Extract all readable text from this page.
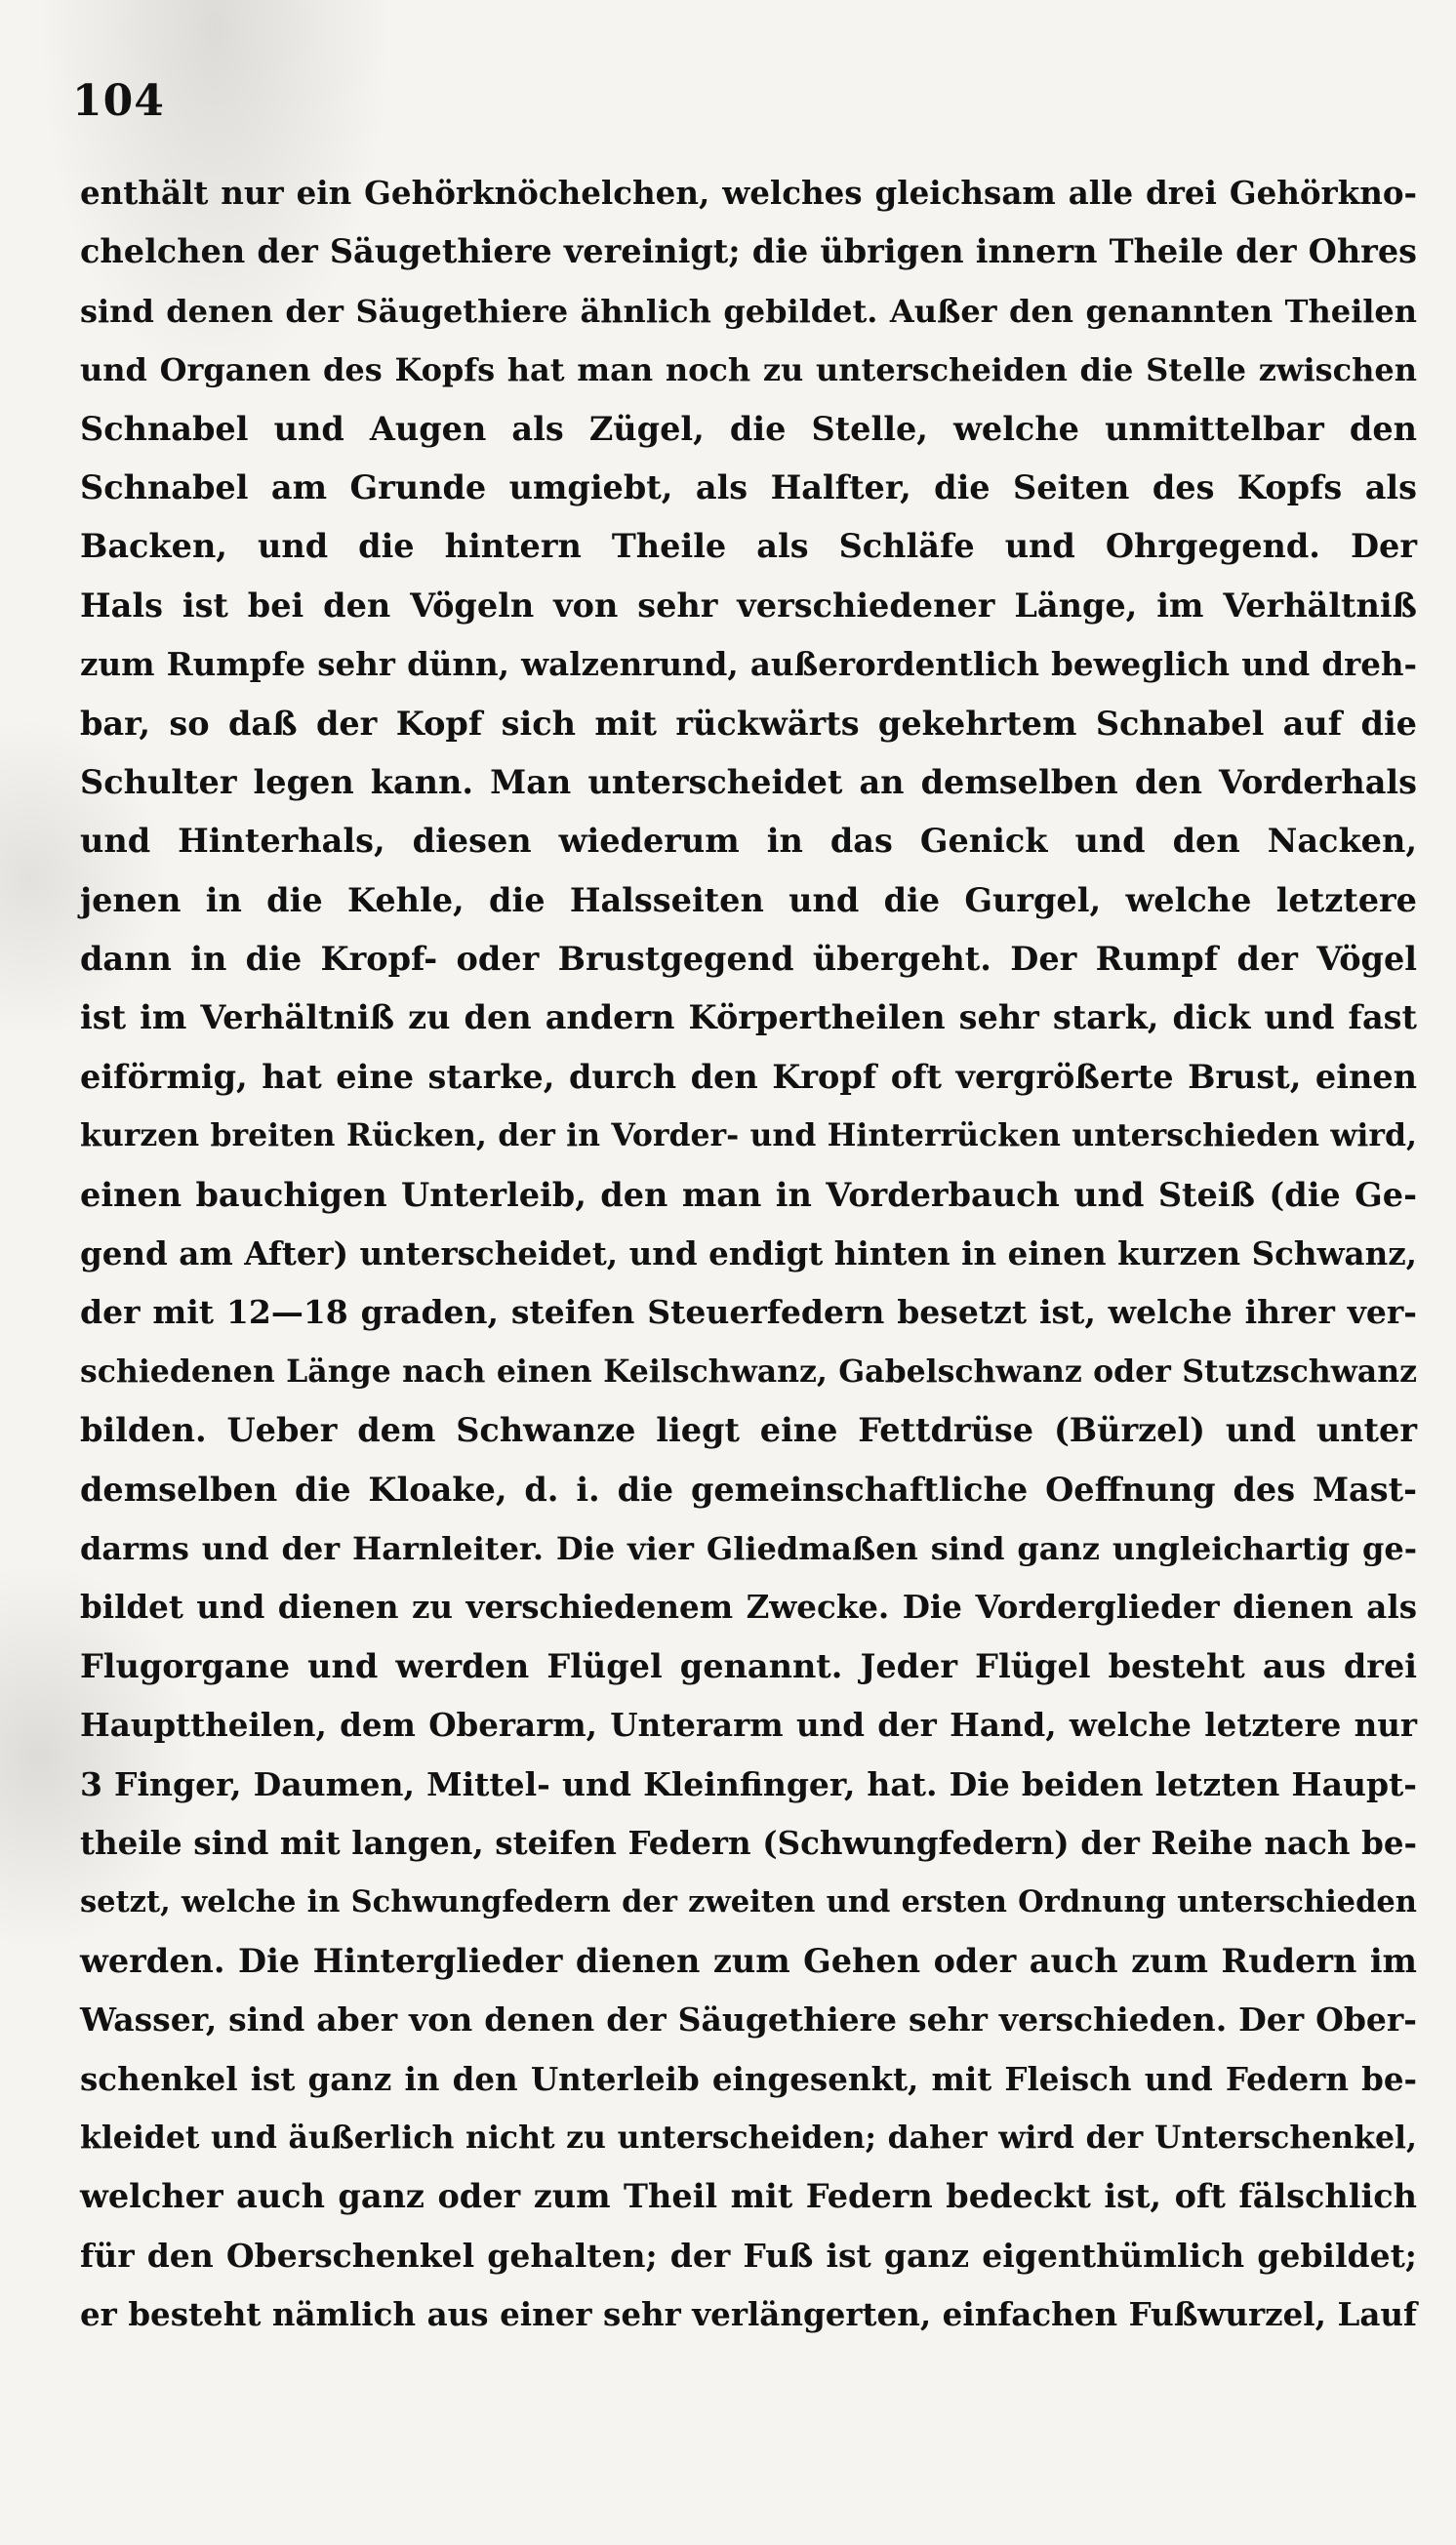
104
enthält nur ein Gehörknöchelchen, welches gleichsam alle drei Gehörkno-
chelchen der Säugethiere vereinigt; die übrigen innern Theile der Ohres
sind denen der Säugethiere ähnlich gebildet. Außer den genannten Theilen
und Organen des Kopfs hat man noch zu unterscheiden die Stelle zwischen
Schnabel und Augen als Zügel, die Stelle, welche unmittelbar den
Schnabel am Grunde umgiebt, als Halfter, die Seiten des Kopfs als
Backen, und die hintern Theile als Schläfe und Ohrgegend. Der
Hals ist bei den Vögeln von sehr verschiedener Länge, im Verhältniß
zum Rumpfe sehr dünn, walzenrund, außerordentlich beweglich und dreh-
bar, so daß der Kopf sich mit rückwärts gekehrtem Schnabel auf die
Schulter legen kann. Man unterscheidet an demselben den Vorderhals
und Hinterhals, diesen wiederum in das Genick und den Nacken,
jenen in die Kehle, die Halsseiten und die Gurgel, welche letztere
dann in die Kropf- oder Brustgegend übergeht. Der Rumpf der Vögel
ist im Verhältniß zu den andern Körpertheilen sehr stark, dick und fast
eiförmig, hat eine starke, durch den Kropf oft vergrößerte Brust, einen
kurzen breiten Rücken, der in Vorder- und Hinterrücken unterschieden wird,
einen bauchigen Unterleib, den man in Vorderbauch und Steiß (die Ge-
gend am After) unterscheidet, und endigt hinten in einen kurzen Schwanz,
der mit 12—18 graden, steifen Steuerfedern besetzt ist, welche ihrer ver-
schiedenen Länge nach einen Keilschwanz, Gabelschwanz oder Stutzschwanz
bilden. Ueber dem Schwanze liegt eine Fettdrüse (Bürzel) und unter
demselben die Kloake, d. i. die gemeinschaftliche Oeffnung des Mast-
darms und der Harnleiter. Die vier Gliedmaßen sind ganz ungleichartig ge-
bildet und dienen zu verschiedenem Zwecke. Die Vorderglieder dienen als
Flugorgane und werden Flügel genannt. Jeder Flügel besteht aus drei
Haupttheilen, dem Oberarm, Unterarm und der Hand, welche letztere nur
3 Finger, Daumen, Mittel- und Kleinfinger, hat. Die beiden letzten Haupt-
theile sind mit langen, steifen Federn (Schwungfedern) der Reihe nach be-
setzt, welche in Schwungfedern der zweiten und ersten Ordnung unterschieden
werden. Die Hinterglieder dienen zum Gehen oder auch zum Rudern im
Wasser, sind aber von denen der Säugethiere sehr verschieden. Der Ober-
schenkel ist ganz in den Unterleib eingesenkt, mit Fleisch und Federn be-
kleidet und äußerlich nicht zu unterscheiden; daher wird der Unterschenkel,
welcher auch ganz oder zum Theil mit Federn bedeckt ist, oft fälschlich
für den Oberschenkel gehalten; der Fuß ist ganz eigenthümlich gebildet;
er besteht nämlich aus einer sehr verlängerten, einfachen Fußwurzel, Lauf
